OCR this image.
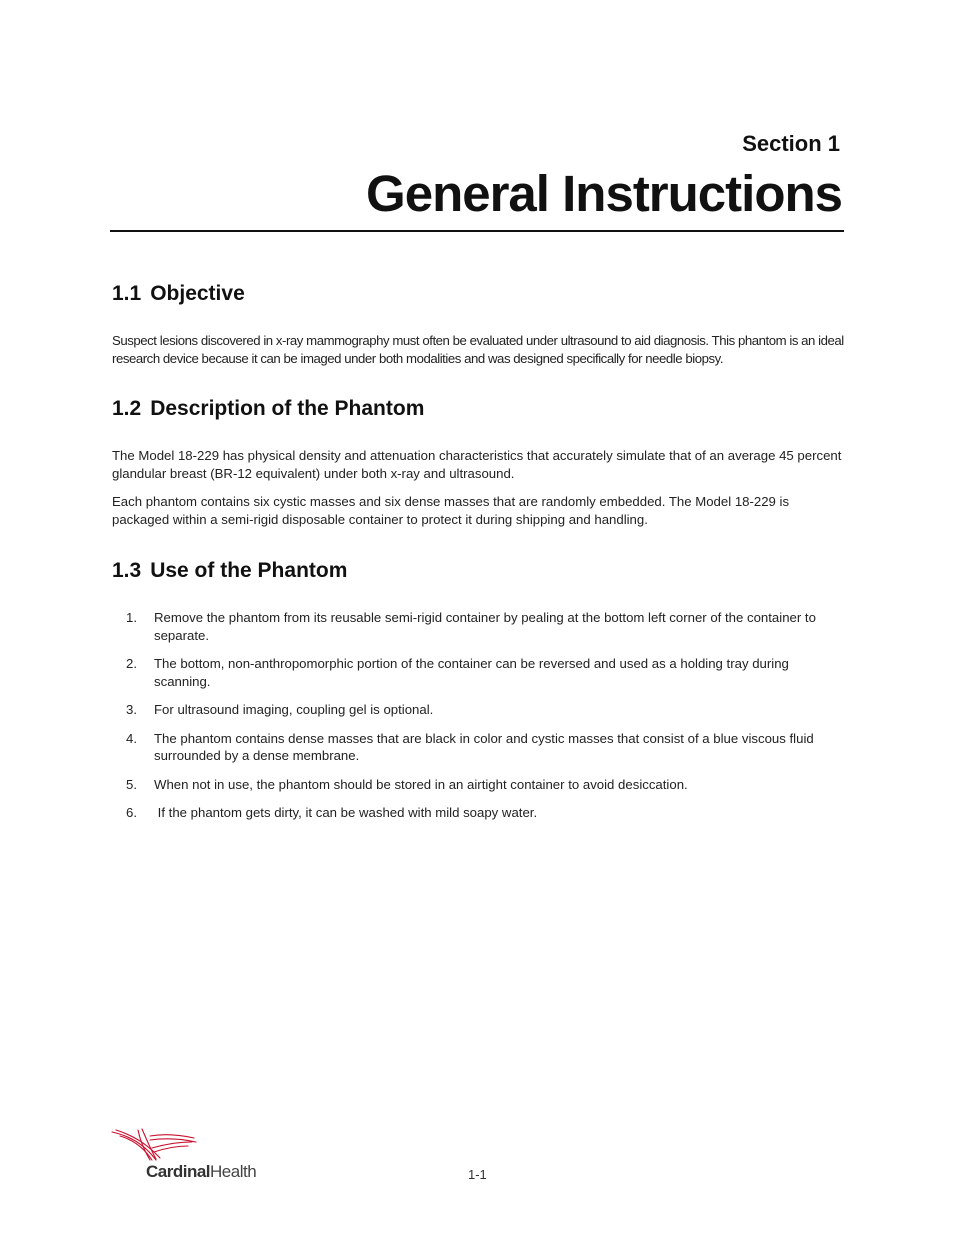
Section 1
General Instructions
1.1 Objective

Suspect lesions discovered in x-ray mammography must often be evaluated under ultrasound to aid diagnosis. This phantom is an ideal research device because it can be imaged under both modalities and was designed specifically for needle biopsy.

1.2 Description of the Phantom

The Model 18-229 has physical density and attenuation characteristics that accurately simulate that of an average 45 percent glandular breast (BR-12 equivalent) under both x-ray and ultrasound.

Each phantom contains six cystic masses and six dense masses that are randomly embedded. The Model 18-229 is packaged within a semi-rigid disposable container to protect it during shipping and handling.

1.3 Use of the Phantom
1. Remove the phantom from its reusable semi-rigid container by pealing at the bottom left corner of the container to separate.
2. The bottom, non-anthropomorphic portion of the container can be reversed and used as a holding tray during scanning.
3. For ultrasound imaging, coupling gel is optional.
4. The phantom contains dense masses that are black in color and cystic masses that consist of a blue viscous fluid surrounded by a dense membrane.
5. When not in use, the phantom should be stored in an airtight container to avoid desiccation.
6. If the phantom gets dirty, it can be washed with mild soapy water.
CardinalHealth	1-1
